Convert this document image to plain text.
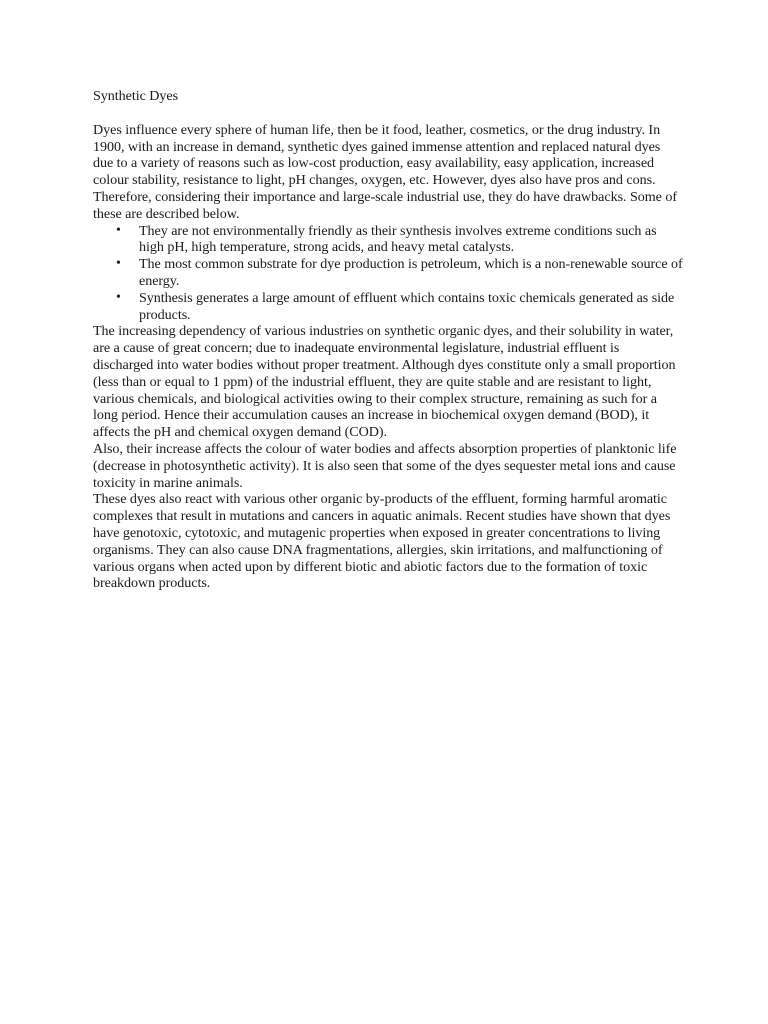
Synthetic Dyes

Dyes influence every sphere of human life, then be it food, leather, cosmetics, or the drug industry. In 1900, with an increase in demand, synthetic dyes gained immense attention and replaced natural dyes due to a variety of reasons such as low-cost production, easy availability, easy application, increased colour stability, resistance to light, pH changes, oxygen, etc. However, dyes also have pros and cons. Therefore, considering their importance and large-scale industrial use, they do have drawbacks. Some of these are described below.

• They are not environmentally friendly as their synthesis involves extreme conditions such as high pH, high temperature, strong acids, and heavy metal catalysts.
• The most common substrate for dye production is petroleum, which is a non-renewable source of energy.
• Synthesis generates a large amount of effluent which contains toxic chemicals generated as side products.

The increasing dependency of various industries on synthetic organic dyes, and their solubility in water, are a cause of great concern; due to inadequate environmental legislature, industrial effluent is discharged into water bodies without proper treatment. Although dyes constitute only a small proportion (less than or equal to 1 ppm) of the industrial effluent, they are quite stable and are resistant to light, various chemicals, and biological activities owing to their complex structure, remaining as such for a long period. Hence their accumulation causes an increase in biochemical oxygen demand (BOD), it affects the pH and chemical oxygen demand (COD).

Also, their increase affects the colour of water bodies and affects absorption properties of planktonic life (decrease in photosynthetic activity). It is also seen that some of the dyes sequester metal ions and cause toxicity in marine animals.

These dyes also react with various other organic by-products of the effluent, forming harmful aromatic complexes that result in mutations and cancers in aquatic animals. Recent studies have shown that dyes have genotoxic, cytotoxic, and mutagenic properties when exposed in greater concentrations to living organisms. They can also cause DNA fragmentations, allergies, skin irritations, and malfunctioning of various organs when acted upon by different biotic and abiotic factors due to the formation of toxic breakdown products.
